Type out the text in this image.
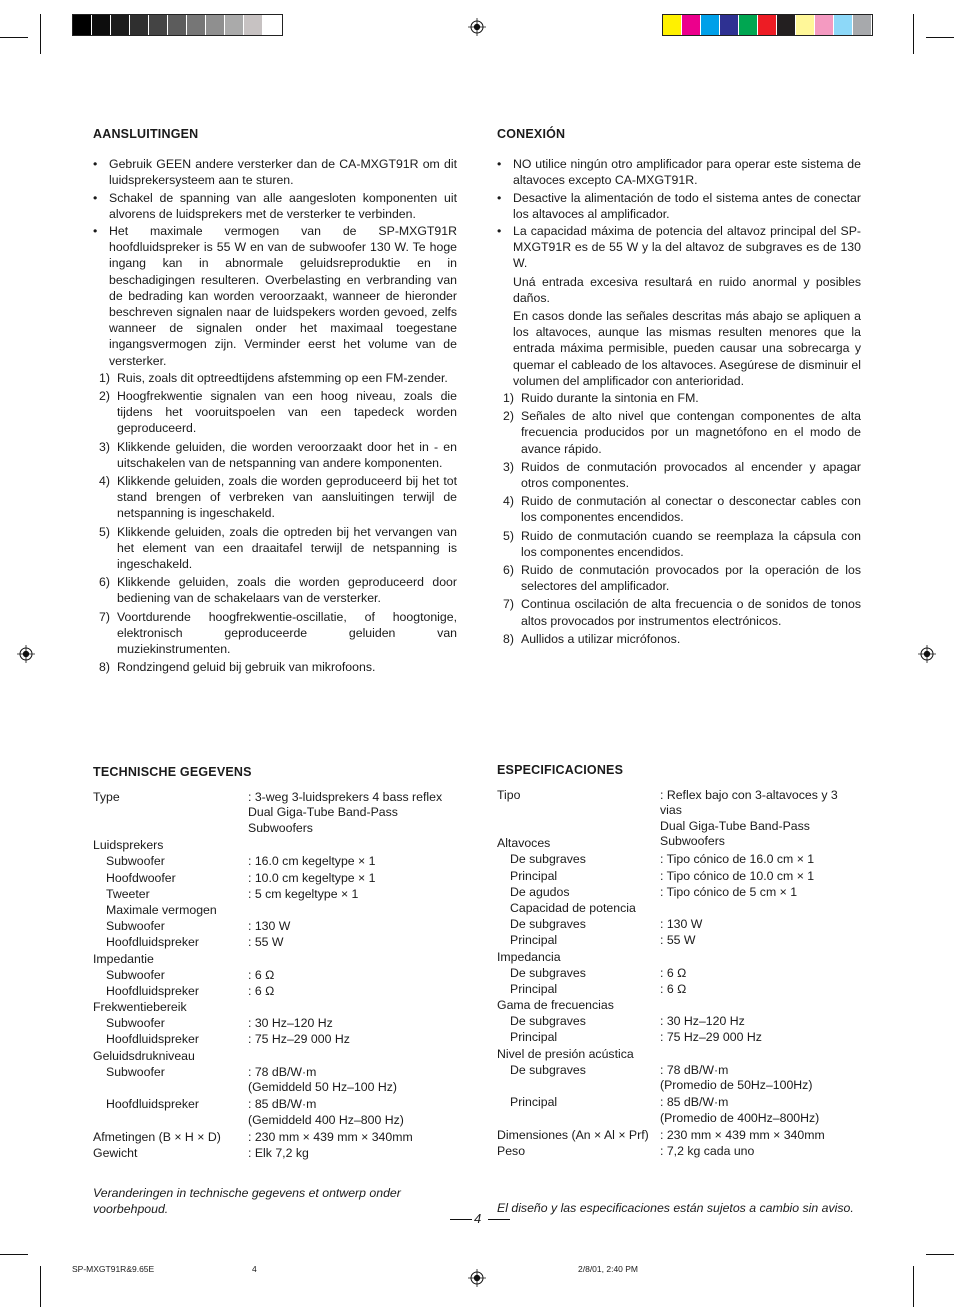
AANSLUITINGEN

• Gebruik GEEN andere versterker dan de CA-MXGT91R om dit luidsprekersysteem aan te sturen.

• Schakel de spanning van alle aangesloten komponenten uit alvorens de luidsprekers met de versterker te verbinden.

• Het maximale vermogen van de SP-MXGT91R hoofdluidspreker is 55 W en van de subwoofer 130 W. Te hoge ingang kan in abnormale geluidsreproduktie en in beschadigingen resulteren. Overbelasting en verbranding van de bedrading kan worden veroorzaakt, wanneer de hieronder beschreven signalen naar de luidspekers worden gevoed, zelfs wanneer de signalen onder het maximaal toegestane ingangsvermogen zijn. Verminder eerst het volume van de versterker.

1) Ruis, zoals dit optreedtijdens afstemming op een FM-zender.
2) Hoogfrekwentie signalen van een hoog niveau, zoals die tijdens het vooruitspoelen van een tapedeck worden geproduceerd.
3) Klikkende geluiden, die worden veroorzaakt door het in - en uitschakelen van de netspanning van andere komponenten.
4) Klikkende geluiden, zoals die worden geproduceerd bij het tot stand brengen of verbreken van aansluitingen terwijl de netspanning is ingeschakeld.
5) Klikkende geluiden, zoals die optreden bij het vervangen van het element van een draaitafel terwijl de netspanning is ingeschakeld.
6) Klikkende geluiden, zoals die worden geproduceerd door bediening van de schakelaars van de versterker.
7) Voortdurende hoogfrekwentie-oscillatie, of hoogtonige, elektronisch geproduceerde geluiden van muziekinstrumenten.
8) Rondzingend geluid bij gebruik van mikrofoons.
CONEXIÓN

• NO utilice ningún otro amplificador para operar este sistema de altavoces excepto CA-MXGT91R.

• Desactive la alimentación de todo el sistema antes de conectar los altavoces al amplificador.

• La capacidad máxima de potencia del altavoz principal del SP-MXGT91R es de 55 W y la del altavoz de subgraves es de 130 W.

Uná entrada excesiva resultará en ruido anormal y posibles daños.

En casos donde las señales descritas más abajo se apliquen a los altavoces, aunque las mismas resulten menores que la entrada máxima permisible, pueden causar una sobrecarga y quemar el cableado de los altavoces. Asegúrese de disminuir el volumen del amplificador con anterioridad.

1) Ruido durante la sintonia en FM.
2) Señales de alto nivel que contengan componentes de alta frecuencia producidos por un magnetófono en el modo de avance rápido.
3) Ruidos de conmutación provocados al encender y apagar otros componentes.
4) Ruido de conmutación al conectar o desconectar cables con los componentes encendidos.
5) Ruido de conmutación cuando se reemplaza la cápsula con los componentes encendidos.
6) Ruido de conmutación provocados por la operación de los selectores del amplificador.
7) Continua oscilación de alta frecuencia o de sonidos de tonos altos provocados por instrumentos electrónicos.
8) Aullidos a utilizar micrófonos.
TECHNISCHE GEGEVENS
Type	: 3-weg 3-luidsprekers 4 bass reflex
Dual Giga-Tube Band-Pass
Subwoofers
Luidsprekers
Subwoofer	: 16.0 cm kegeltype × 1
Hoofdwoofer	: 10.0 cm kegeltype × 1
Tweeter	: 5 cm kegeltype × 1
Maximale vermogen
Subwoofer	: 130 W
Hoofdluidspreker	: 55 W
Impedantie
Subwoofer	: 6 Ω
Hoofdluidspreker	: 6 Ω
Frekwentiebereik
Subwoofer	: 30 Hz–120 Hz
Hoofdluidspreker	: 75 Hz–29 000 Hz
Geluidsdrukniveau
Subwoofer	: 78 dB/W·m
(Gemiddeld 50 Hz–100 Hz)
Hoofdluidspreker	: 85 dB/W·m
(Gemiddeld 400 Hz–800 Hz)
Afmetingen (B × H × D) : 230 mm × 439 mm × 340mm
Gewicht	: Elk 7,2 kg
ESPECIFICACIONES
Tipo	: Reflex bajo con 3-altavoces y 3 vias
Dual Giga-Tube Band-Pass
Subwoofers
Altavoces
De subgraves	: Tipo cónico de 16.0 cm × 1
Principal	: Tipo cónico de 10.0 cm × 1
De agudos	: Tipo cónico de 5 cm × 1
Capacidad de potencia
De subgraves	: 130 W
Principal	: 55 W
Impedancia
De subgraves	: 6 Ω
Principal	: 6 Ω
Gama de frecuencias
De subgraves	: 30 Hz–120 Hz
Principal	: 75 Hz–29 000 Hz
Nivel de presión acústica
De subgraves	: 78 dB/W·m
(Promedio de 50Hz–100Hz)
Principal	: 85 dB/W·m
(Promedio de 400Hz–800Hz)
Dimensiones (An × Al × Prf) : 230 mm × 439 mm × 340mm
Peso	: 7,2 kg cada uno
Veranderingen in technische gegevens et ontwerp onder voorbehpoud.	El diseño y las especificaciones están sujetos a cambio sin aviso.
4
SP-MXGT91R&9.65E	4	2/8/01, 2:40 PM
